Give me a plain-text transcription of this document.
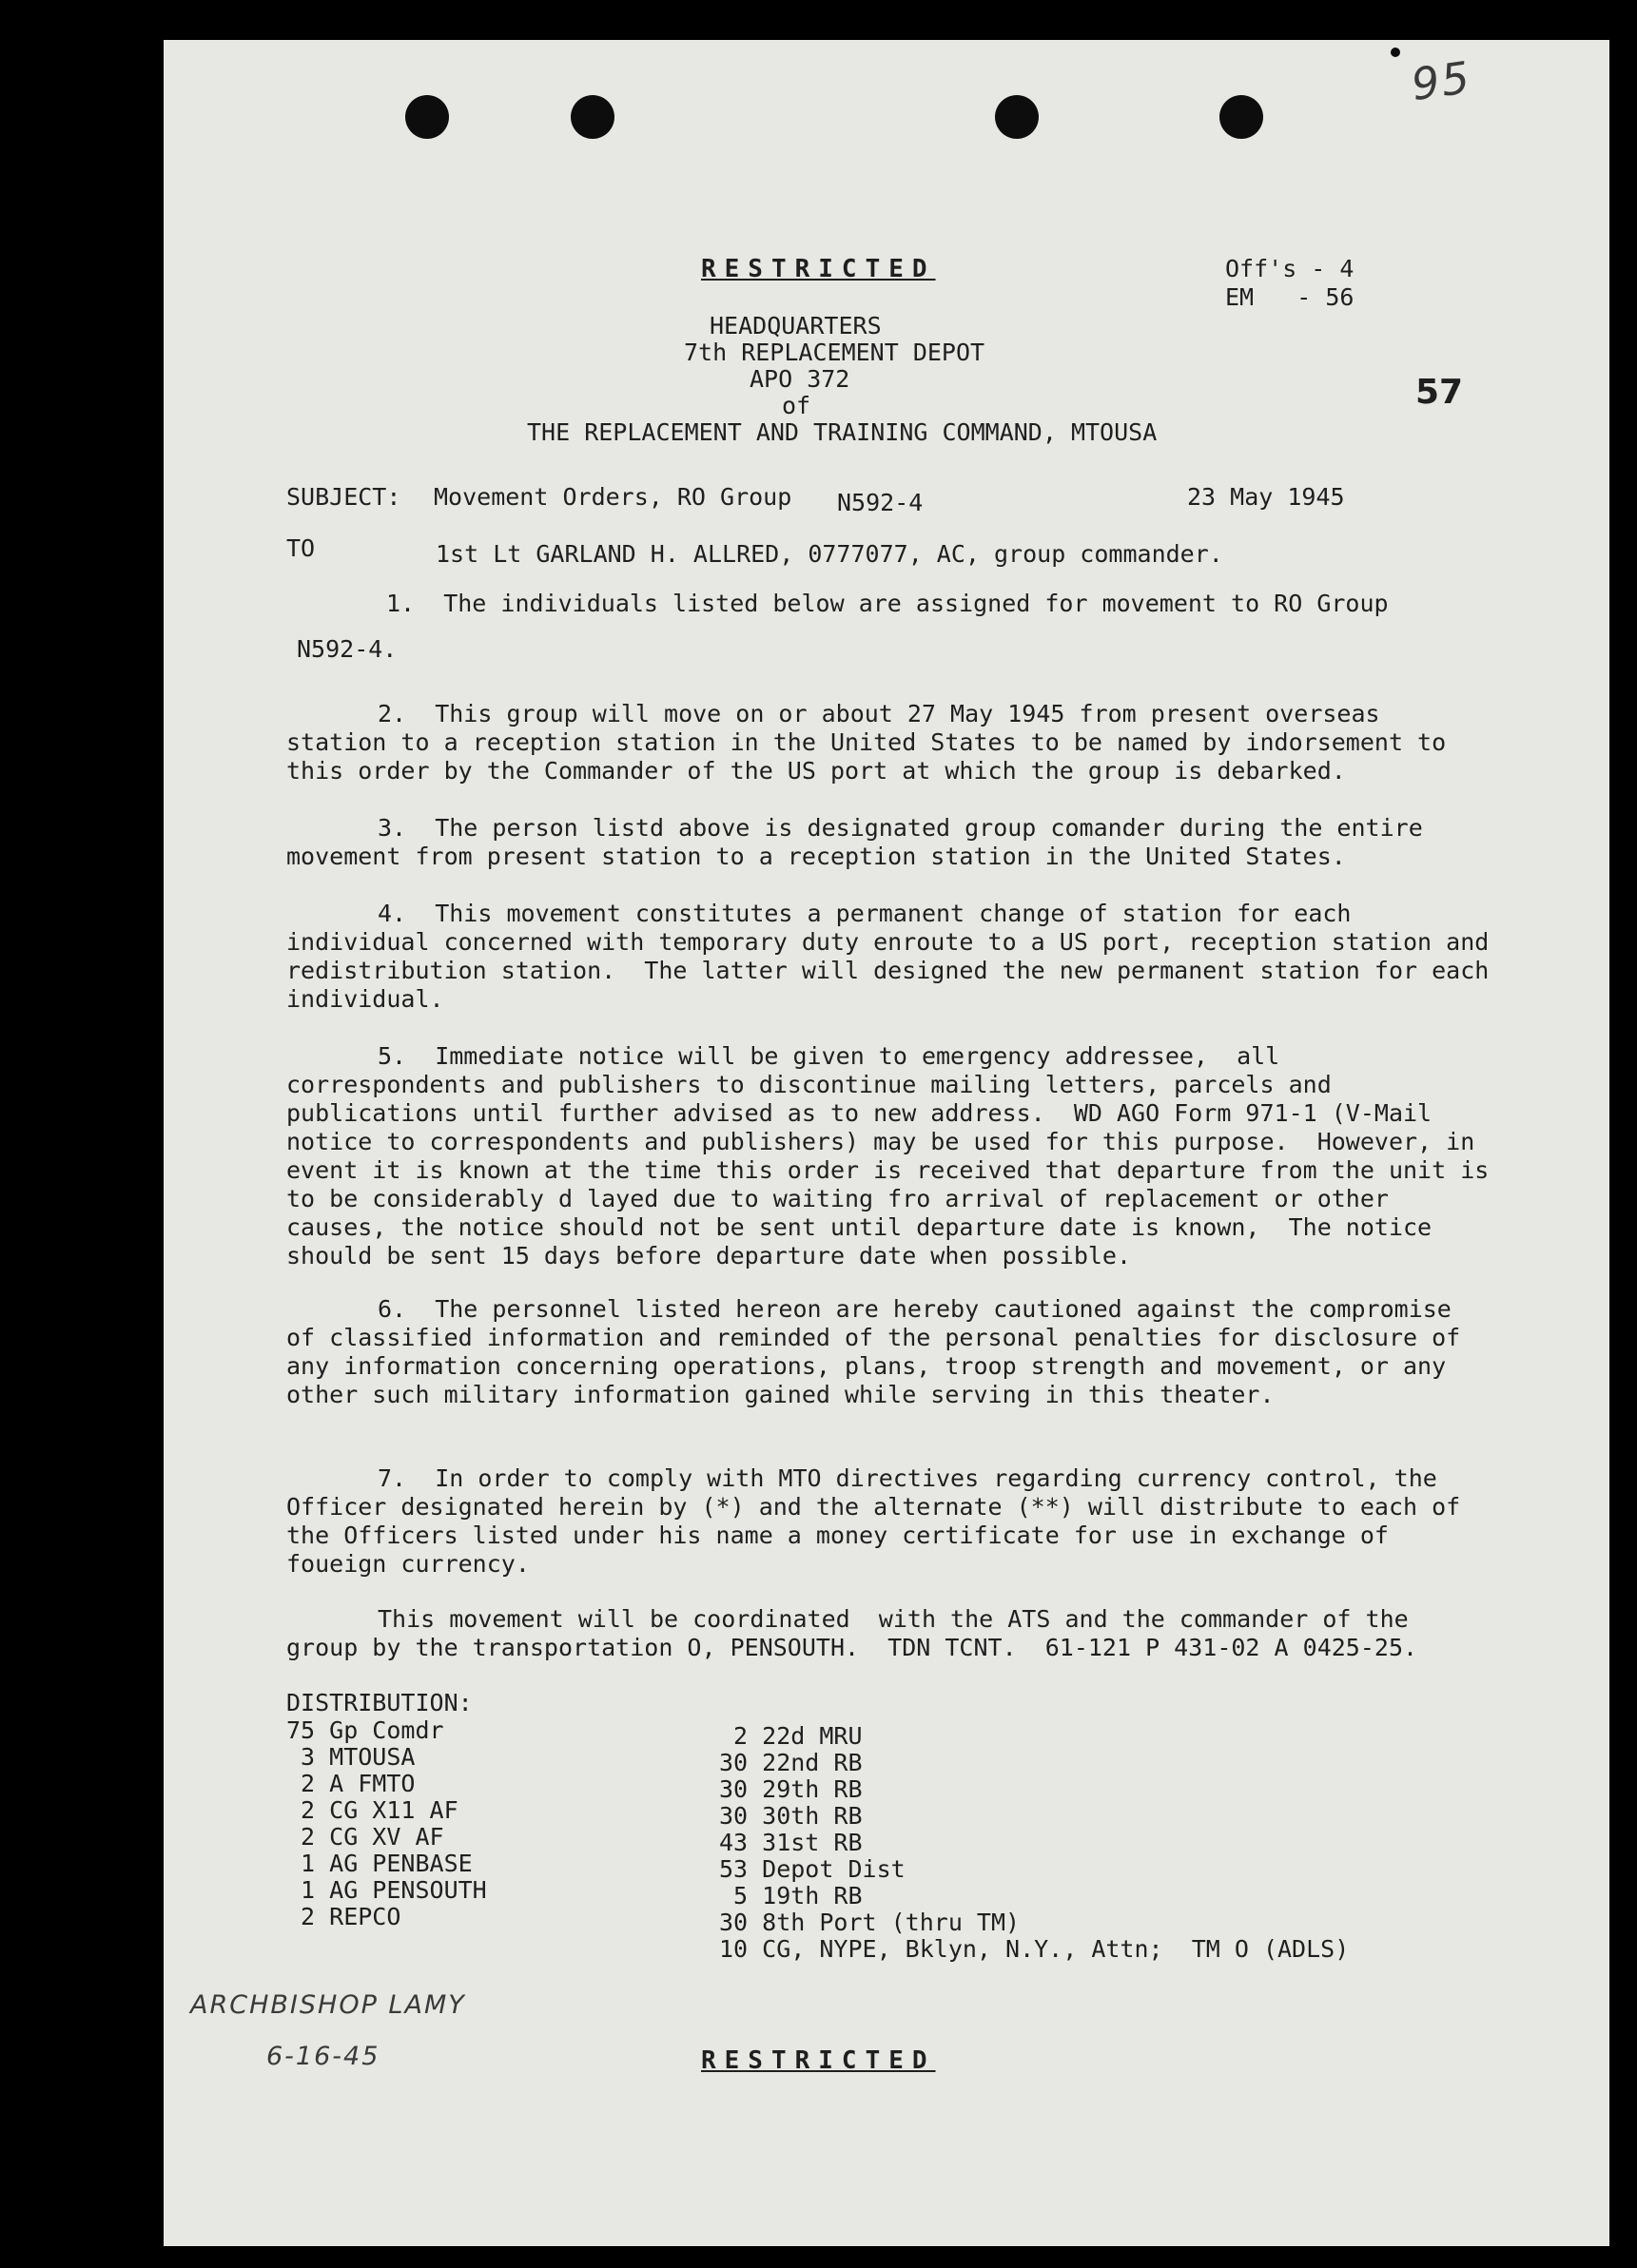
95
RESTRICTED	Off's - 4
EM   - 56
HEADQUARTERS
7th REPLACEMENT DEPOT
APO 372
of
THE REPLACEMENT AND TRAINING COMMAND, MTOUSA
57
SUBJECT: Movement Orders, RO Group N592-4	23 May 1945
TO	1st Lt GARLAND H. ALLRED, 0777077, AC, group commander.
1.  The individuals listed below are assigned for movement to RO Group
N592-4.

2.  This group will move on or about 27 May 1945 from present overseas station to a reception station in the United States to be named by indorsement to this order by the Commander of the US port at which the group is debarked.

3.  The person listd above is designated group comander during the entire movement from present station to a reception station in the United States.

4.  This movement constitutes a permanent change of station for each individual concerned with temporary duty enroute to a US port, reception station and redistribution station.  The latter will designed the new permanent station for each individual.

5.  Immediate notice will be given to emergency addressee,  all correspondents and publishers to discontinue mailing letters, parcels and publications until further advised as to new address.  WD AGO Form 971-1 (V-Mail notice to correspondents and publishers) may be used for this purpose.  However, in event it is known at the time this order is received that departure from the unit is to be considerably d layed due to waiting fro arrival of replacement or other causes, the notice should not be sent until departure date is known,  The notice should be sent 15 days before departure date when possible.

6.  The personnel listed hereon are hereby cautioned against the compromise of classified information and reminded of the personal penalties for disclosure of any information concerning operations, plans, troop strength and movement, or any other such military information gained while serving in this theater.

7.  In order to comply with MTO directives regarding currency control, the Officer designated herein by (*) and the alternate (**) will distribute to each of the Officers listed under his name a money certificate for use in exchange of foueign currency.

This movement will be coordinated  with the ATS and the commander of the group by the transportation O, PENSOUTH.  TDN TCNT.  61-121 P 431-02 A 0425-25.

DISTRIBUTION:
75 Gp Comdr
3 MTOUSA
2 A FMTO
2 CG X11 AF
2 CG XV AF
1 AG PENBASE
1 AG PENSOUTH
2 REPCO
2 22d MRU
30 22nd RB
30 29th RB
30 30th RB
43 31st RB
53 Depot Dist
5 19th RB
30 8th Port (thru TM)
10 CG, NYPE, Bklyn, N.Y., Attn;  TM O (ADLS)
ARCHBISHOP LAMY
6-16-45	RESTRICTED
